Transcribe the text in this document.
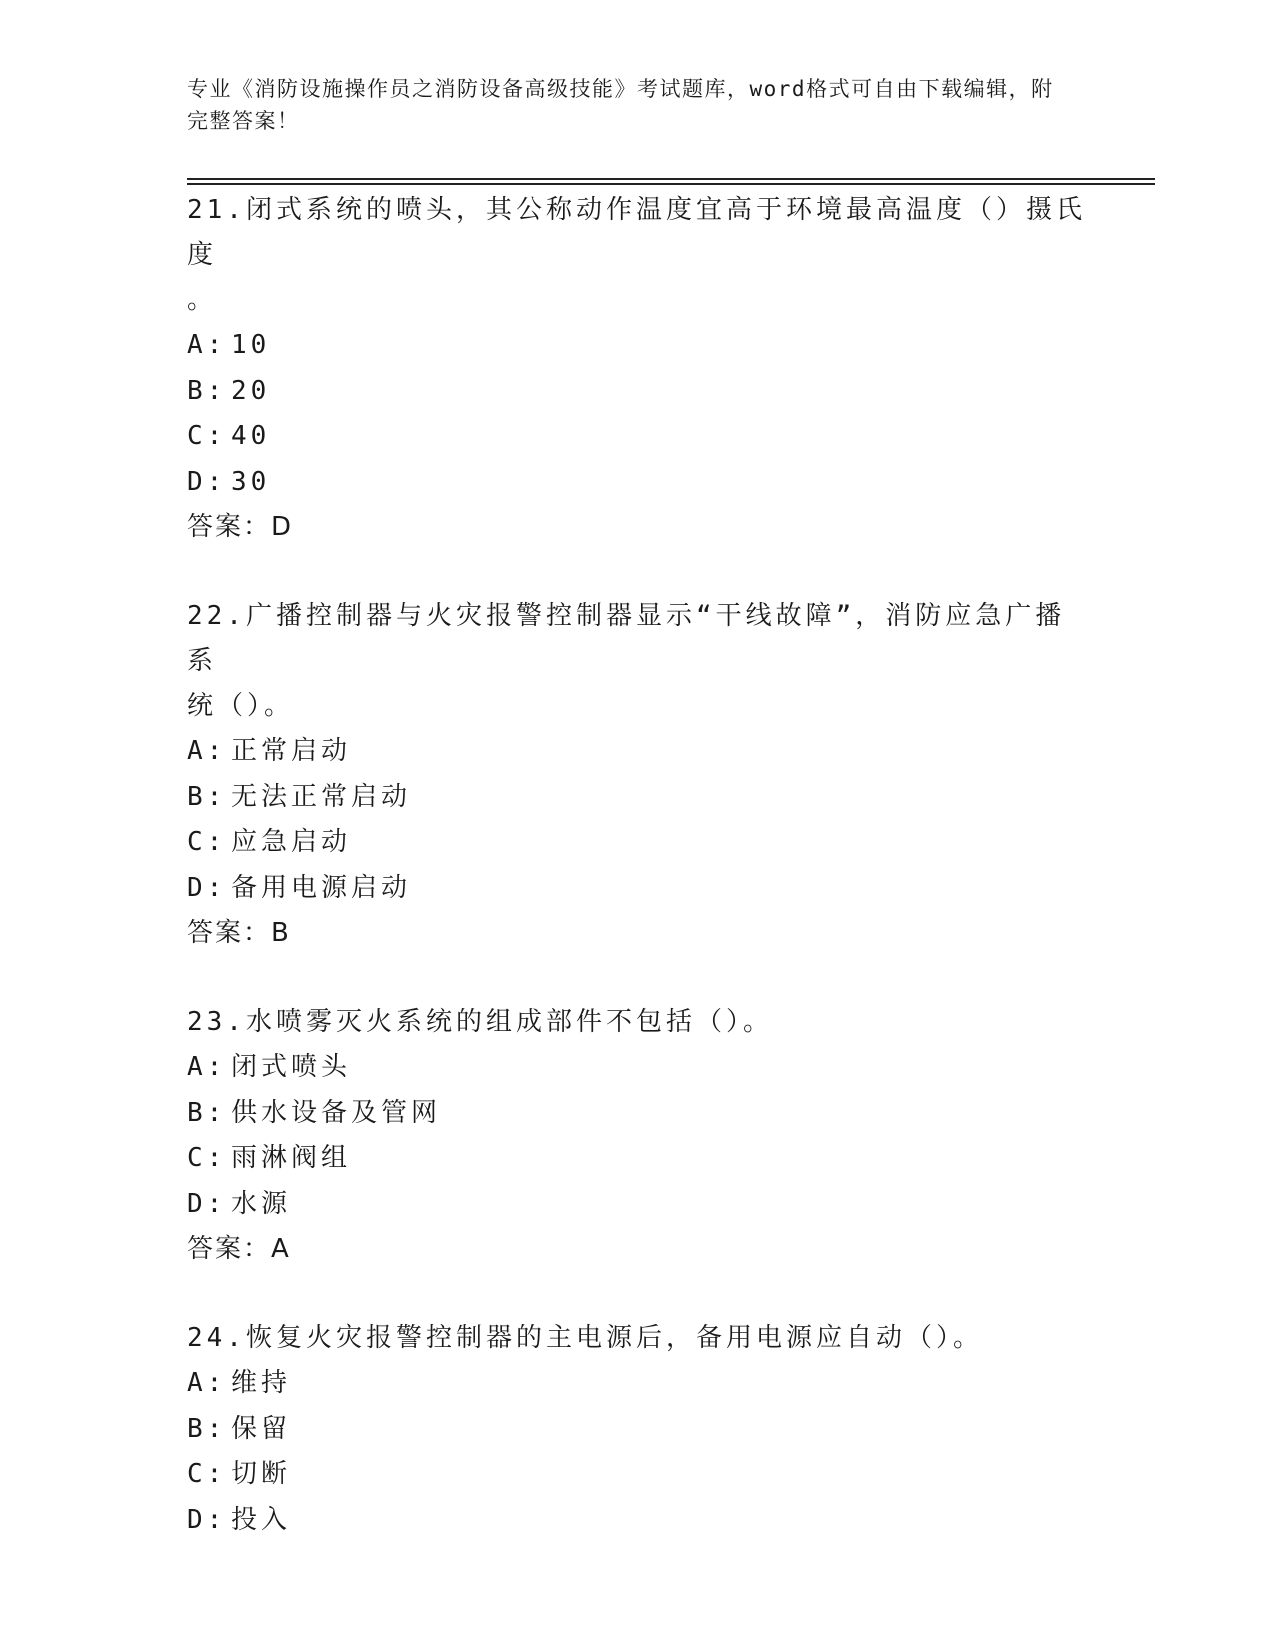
专业《消防设施操作员之消防设备高级技能》考试题库，word格式可自由下载编辑，附完整答案！
21.闭式系统的喷头，其公称动作温度宜高于环境最高温度（）摄氏度
。
A: 10
B: 20
C: 40
D: 30
答案：D
22.广播控制器与火灾报警控制器显示“干线故障”，消防应急广播系
统（）。
A: 正常启动
B: 无法正常启动
C: 应急启动
D: 备用电源启动
答案：B
23.水喷雾灭火系统的组成部件不包括（）。
A: 闭式喷头
B: 供水设备及管网
C: 雨淋阀组
D: 水源
答案：A
24.恢复火灾报警控制器的主电源后，备用电源应自动（）。
A: 维持
B: 保留
C: 切断
D: 投入
